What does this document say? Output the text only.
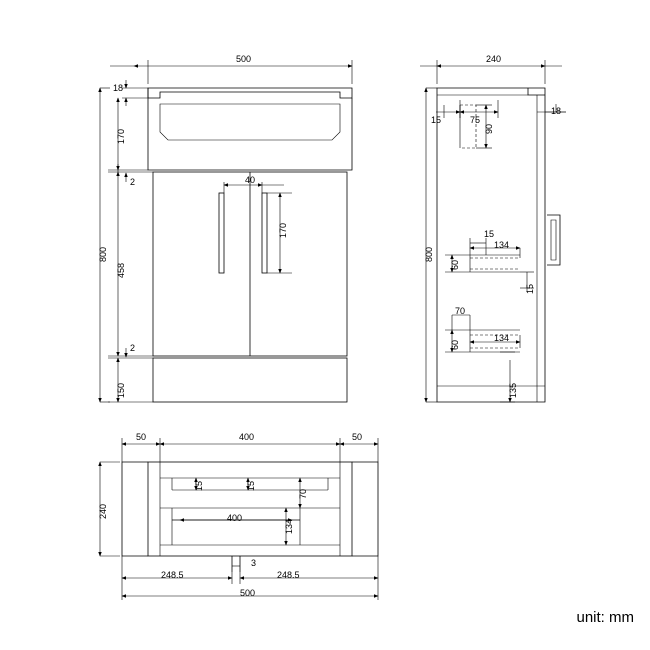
500
18
170
2
458
2
150
800
40
170
240
15	75
18
90
15
134
60
15
70
134
60
135
800
50	400	50
15	15
70
240	400
134
248.5
3
248.5
500
unit: mm
